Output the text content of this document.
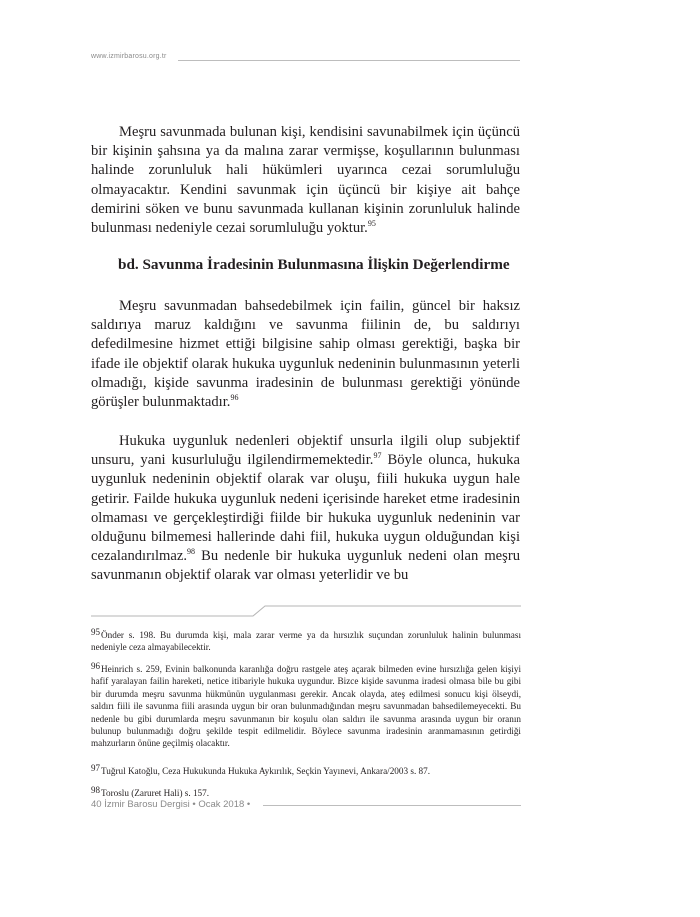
www.izmirbarosu.org.tr

Meşru savunmada bulunan kişi, kendisini savunabilmek için üçüncü bir kişinin şahsına ya da malına zarar vermişse, koşullarının bulunması halinde zorunluluk hali hükümleri uyarınca cezai sorumluluğu olmayacaktır. Kendini savunmak için üçüncü bir kişiye ait bahçe demirini söken ve bunu savunmada kullanan kişinin zorunluluk halinde bulunması nedeniyle cezai sorumluluğu yoktur.$^{95}$

bd. Savunma İradesinin Bulunmasına İlişkin Değerlendirme

Meşru savunmadan bahsedebilmek için failin, güncel bir haksız saldırıya maruz kaldığını ve savunma fiilinin de, bu saldırıyı defedilmesine hizmet ettiği bilgisine sahip olması gerektiği, başka bir ifade ile objektif olarak hukuka uygunluk nedeninin bulunmasının yeterli olmadığı, kişide savunma iradesinin de bulunması gerektiği yönünde görüşler bulunmaktadır.$^{96}$

Hukuka uygunluk nedenleri objektif unsurla ilgili olup subjektif unsuru, yani kusurluluğu ilgilendirmemektedir.$^{97}$ Böyle olunca, hukuka uygunluk nedeninin objektif olarak var oluşu, fiili hukuka uygun hale getirir. Failde hukuka uygunluk nedeni içerisinde hareket etme iradesinin olmaması ve gerçekleştirdiği fiilde bir hukuka uygunluk nedeninin var olduğunu bilmemesi hallerinde dahi fiil, hukuka uygun olduğundan kişi cezalandırılmaz.$^{98}$ Bu nedenle bir hukuka uygunluk nedeni olan meşru savunmanın objektif olarak var olması yeterlidir ve bu

95Önder s. 198. Bu durumda kişi, mala zarar verme ya da hırsızlık suçundan zorunluluk halinin bulunması nedeniyle ceza almayabilecektir.

96Heinrich s. 259, Evinin balkonunda karanlığa doğru rastgele ateş açarak bilmeden evine hırsızlığa gelen kişiyi hafif yaralayan failin hareketi, netice itibariyle hukuka uygundur. Bizce kişide savunma iradesi olmasa bile bu gibi bir durumda meşru savunma hükmünün uygulanması gerekir. Ancak olayda, ateş edilmesi sonucu kişi ölseydi, saldırı fiili ile savunma fiili arasında uygun bir oran bulunmadığından meşru savunmadan bahsedilemeyecekti. Bu nedenle bu gibi durumlarda meşru savunmanın bir koşulu olan saldırı ile savunma arasında uygun bir oranın bulunup bulunmadığı doğru şekilde tespit edilmelidir. Böylece savunma iradesinin aranmamasının getirdiği mahzurların önüne geçilmiş olacaktır.

97Tuğrul Katoğlu, Ceza Hukukunda Hukuka Aykırılık, Seçkin Yayınevi, Ankara/2003 s. 87.

98Toroslu (Zaruret Hali) s. 157.

40 İzmir Barosu Dergisi • Ocak 2018 •
